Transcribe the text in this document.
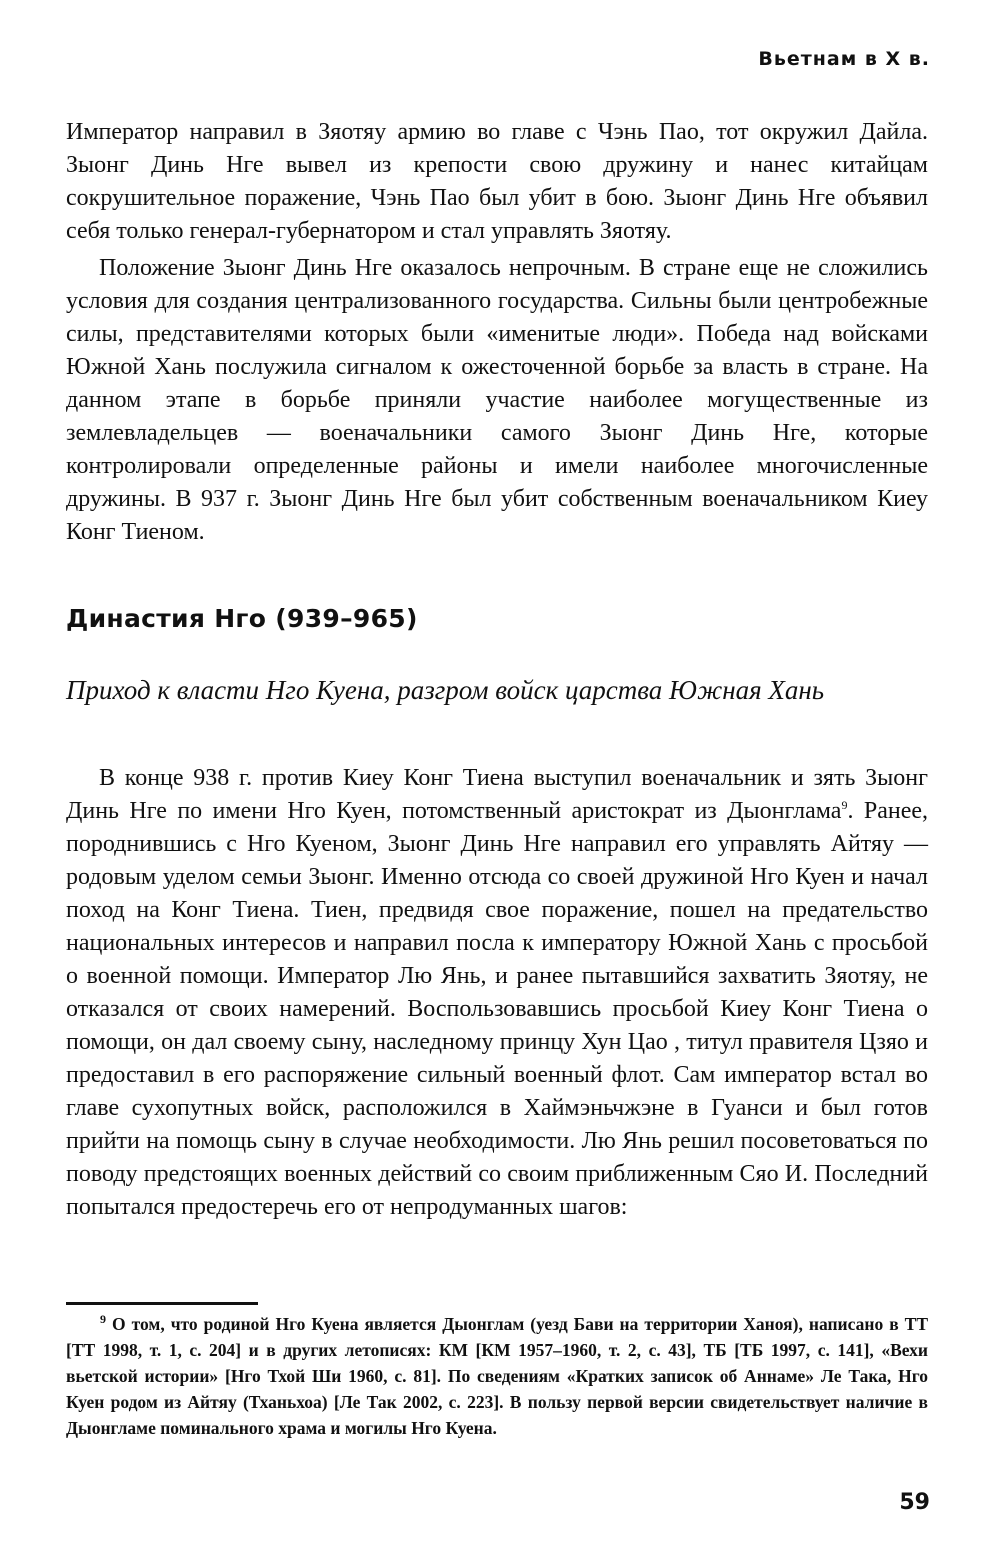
Вьетнам в X в.

Император направил в Зяотяу армию во главе с Чэнь Пао, тот окружил Дайла. Зыонг Динь Нге вывел из крепости свою дружину и нанес китайцам сокрушительное поражение, Чэнь Пао был убит в бою. Зыонг Динь Нге объявил себя только генерал-губернатором и стал управлять Зяотяу.

Положение Зыонг Динь Нге оказалось непрочным. В стране еще не сложились условия для создания централизованного государства. Сильны были центробежные силы, представителями которых были «именитые люди». Победа над войсками Южной Хань послужила сигналом к ожесточенной борьбе за власть в стране. На данном этапе в борьбе приняли участие наиболее могущественные из землевладельцев — военачальники самого Зыонг Динь Нге, которые контролировали определенные районы и имели наиболее многочисленные дружины. В 937 г. Зыонг Динь Нге был убит собственным военачальником Киеу Конг Тиеном.

Династия Нго (939–965)
Приход к власти Нго Куена, разгром войск царства Южная Хань

В конце 938 г. против Киеу Конг Тиена выступил военачальник и зять Зыонг Динь Нге по имени Нго Куен, потомственный аристократ из Дыонглама$^9$. Ранее, породнившись с Нго Куеном, Зыонг Динь Нге направил его управлять Айтяу — родовым уделом семьи Зыонг. Именно отсюда со своей дружиной Нго Куен и начал поход на Конг Тиена. Тиен, предвидя свое поражение, пошел на предательство национальных интересов и направил посла к императору Южной Хань с просьбой о военной помощи. Император Лю Янь, и ранее пытавшийся захватить Зяотяу, не отказался от своих намерений. Воспользовавшись просьбой Киеу Конг Тиена о помощи, он дал своему сыну, наследному принцу Хун Цао , титул правителя Цзяо и предоставил в его распоряжение сильный военный флот. Сам император встал во главе сухопутных войск, расположился в Хаймэньчжэне в Гуанси и был готов прийти на помощь сыну в случае необходимости. Лю Янь решил посоветоваться по поводу предстоящих военных действий со своим приближенным Сяо И. Последний попытался предостеречь его от непродуманных шагов:

$^9$ О том, что родиной Нго Куена является Дыонглам (уезд Бави на территории Ханоя), написано в ТТ [ТТ 1998, т. 1, с. 204] и в других летописях: КМ [КМ 1957–1960, т. 2, с. 43], ТБ [ТБ 1997, с. 141], «Вехи вьетской истории» [Нго Тхой Ши 1960, с. 81]. По сведениям «Кратких записок об Аннаме» Ле Така, Нго Куен родом из Айтяу (Тханьхоа) [Ле Так 2002, с. 223]. В пользу первой версии свидетельствует наличие в Дыонгламе поминального храма и могилы Нго Куена.
59
